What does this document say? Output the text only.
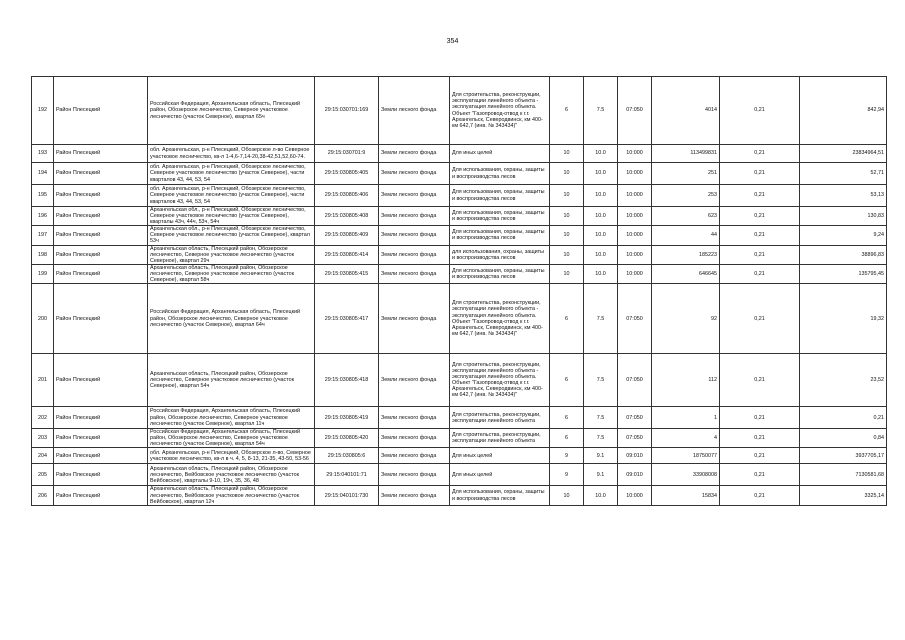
354
192	Район Плесецкий	Российская Федерация, Архангельская область, Плесецкий район, Обозерское лесничество, Северное участковое лесничество (участок Северное), квартал 65ч	29:15:030701:169	Земли лесного фонда	Для строительства, реконструкции, эксплуатации линейного объекта - эксплуатация линейного объекта. Объект "Газопровод-отвод к г.г. Архангельск, Северодвинск, км 400-км 642,7 (инв. № 343434)"	6	7.5	07:050	4014	0,21	842,94
193	Район Плесецкий	обл. Архангельская, р-н Плесецкий, Обозерское л-во Северное участковое лесничество, кв-л 1-4,6-7,14-20,38-42,51,52,60-74.	29:15:030701:9	Земли лесного фонда	Для иных целей	10	10.0	10:000	113499831	0,21	23834964,51
194	Район Плесецкий	обл. Архангельская, р-н Плесецкий, Обозерское лесничество, Северное участковое лесничество (участок Северное), части кварталов 43, 44, 53, 54	29:15:030805:405	Земли лесного фонда	Для использования, охраны, защиты и воспроизводства лесов	10	10.0	10:000	251	0,21	52,71
195	Район Плесецкий	обл. Архангельская, р-н Плесецкий, Обозерское лесничество, Северное участковое лесничество (участок Северное), части кварталов 43, 44, 53, 54	29:15:030805:406	Земли лесного фонда	Для использования, охраны, защиты и воспроизводства лесов	10	10.0	10:000	253	0,21	53,13
196	Район Плесецкий	Архангельская обл., р-н Плесецкий, Обозерское лесничество, Северное участковое лесничество (участок Северное), кварталы 43ч, 44ч, 53ч, 54ч	29:15:030805:408	Земли лесного фонда	Для использования, охраны, защиты и воспроизводства лесов	10	10.0	10:000	623	0,21	130,83
197	Район Плесецкий	Архангельская обл., р-н Плесецкий, Обозерское лесничество, Северное участковое лесничество (участок Северное), квартал 53ч	29:15:030805:409	Земли лесного фонда	Для использования, охраны, защиты и воспроизводства лесов	10	10.0	10:000	44	0,21	9,24
198	Район Плесецкий	Архангельская область, Плесецкий район, Обозерское лесничество, Северное участковое лесничество (участок Северное), квартал 29ч	29:15:030805:414	Земли лесного фонда	для использования, охраны, защиты и воспроизводства лесов	10	10.0	10:000	185223	0,21	38896,83
199	Район Плесецкий	Архангельская область, Плесецкий район, Обозерское лесничество, Северное участковое лесничество (участок Северное), квартал 58ч	29:15:030805:415	Земли лесного фонда	Для использования, охраны, защиты и воспроизводства лесов	10	10.0	10:000	646645	0,21	135795,45
200	Район Плесецкий	Российская Федерация, Архангельская область, Плесецкий район, Обозерское лесничество, Северное участковое лесничество (участок Северное), квартал 64ч	29:15:030805:417	Земли лесного фонда	Для строительства, реконструкции, эксплуатации линейного объекта - эксплуатация линейного объекта. Объект "Газопровод-отвод к г.г. Архангельск, Северодвинск, км 400-км 642,7 (инв. № 343434)"	6	7.5	07:050	92	0,21	19,32
201	Район Плесецкий	Архангельская область, Плесецкий район, Обозерское лесничество, Северное участковое лесничество (участок Северное), квартал 54ч	29:15:030805:418	Земли лесного фонда	Для строительства, реконструкции, эксплуатации линейного объекта - эксплуатация линейного объекта. Объект "Газопровод-отвод к г.г. Архангельск, Северодвинск, км 400-км 642,7 (инв. № 343434)"	6	7.5	07:050	112	0,21	23,52
202	Район Плесецкий	Российская Федерация, Архангельская область, Плесецкий район, Обозерское лесничество, Северное участковое лесничество (участок Северное), квартал 11ч	29:15:030805:419	Земли лесного фонда	Для строительства, реконструкции, эксплуатации линейного объекта	6	7.5	07:050	1	0,21	0,21
203	Район Плесецкий	Российская Федерация, Архангельская область, Плесецкий район, Обозерское лесничество, Северное участковое лесничество (участок Северное), квартал 54ч	29:15:030805:420	Земли лесного фонда	Для строительства, реконструкции, эксплуатации линейного объекта	6	7.5	07:050	4	0,21	0,84
204	Район Плесецкий	обл. Архангельская, р-н Плесецкий, Обозерское л-во, Северное участковое лесничество, кв-л в ч. 4, 5, 8-13, 21-35, 43-50, 53-56	29:15:030805:6	Земли лесного фонда	Для иных целей	9	9.1	09:010	18750077	0,21	3937705,17
205	Район Плесецкий	Архангельская область, Плесецкий район, Обозерское лесничество, Вейбовское участковое лесничество (участок Вейбовское), кварталы 9-10, 19ч, 35, 36, 48	29:15:040101:71	Земли лесного фонда	Для иных целей	9	9.1	09:010	33908008	0,21	7130581,68
206	Район Плесецкий	Архангельская область, Плесецкий район, Обозерское лесничество, Вейбовское участковое лесничество (участок Вейбовское), квартал 12ч	29:15:040101:730	Земли лесного фонда	Для использования, охраны, защиты и воспроизводства лесов	10	10.0	10:000	15834	0,21	3325,14
